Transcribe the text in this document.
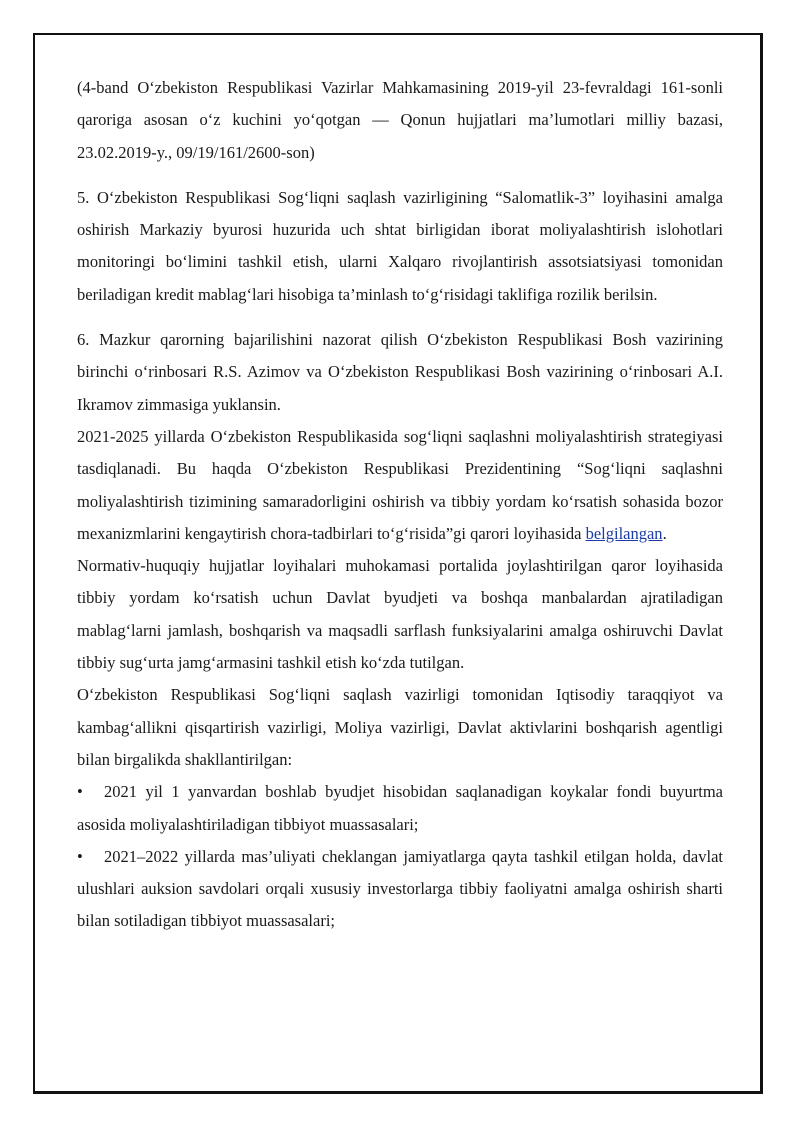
(4-band O‘zbekiston Respublikasi Vazirlar Mahkamasining 2019-yil 23-fevraldagi 161-sonli qaroriga asosan o‘z kuchini yo‘qotgan — Qonun hujjatlari ma’lumotlari milliy bazasi, 23.02.2019-y., 09/19/161/2600-son)

5. O‘zbekiston Respublikasi Sog‘liqni saqlash vazirligining “Salomatlik-3” loyihasini amalga oshirish Markaziy byurosi huzurida uch shtat birligidan iborat moliyalashtirish islohotlari monitoringi bo‘limini tashkil etish, ularni Xalqaro rivojlantirish assotsiatsiyasi tomonidan beriladigan kredit mablag‘lari hisobiga ta’minlash to‘g‘risidagi taklifiga rozilik berilsin.

6. Mazkur qarorning bajarilishini nazorat qilish O‘zbekiston Respublikasi Bosh vazirining birinchi o‘rinbosari R.S. Azimov va O‘zbekiston Respublikasi Bosh vazirining o‘rinbosari A.I. Ikramov zimmasiga yuklansin.

2021-2025 yillarda O‘zbekiston Respublikasida sog‘liqni saqlashni moliyalashtirish strategiyasi tasdiqlanadi. Bu haqda O‘zbekiston Respublikasi Prezidentining “Sog‘liqni saqlashni moliyalashtirish tizimining samaradorligini oshirish va tibbiy yordam ko‘rsatish sohasida bozor mexanizmlarini kengaytirish chora-tadbirlari to‘g‘risida”gi qarori loyihasida belgilangan.

Normativ-huquqiy hujjatlar loyihalari muhokamasi portalida joylashtirilgan qaror loyihasida tibbiy yordam ko‘rsatish uchun Davlat byudjeti va boshqa manbalardan ajratiladigan mablag‘larni jamlash, boshqarish va maqsadli sarflash funksiyalarini amalga oshiruvchi Davlat tibbiy sug‘urta jamg‘armasini tashkil etish ko‘zda tutilgan.

O‘zbekiston Respublikasi Sog‘liqni saqlash vazirligi tomonidan Iqtisodiy taraqqiyot va kambag‘allikni qisqartirish vazirligi, Moliya vazirligi, Davlat aktivlarini boshqarish agentligi bilan birgalikda shakllantirilgan:

• 2021 yil 1 yanvardan boshlab byudjet hisobidan saqlanadigan koykalar fondi buyurtma asosida moliyalashtiriladigan tibbiyot muassasalari;

• 2021–2022 yillarda mas’uliyati cheklangan jamiyatlarga qayta tashkil etilgan holda, davlat ulushlari auksion savdolari orqali xususiy investorlarga tibbiy faoliyatni amalga oshirish sharti bilan sotiladigan tibbiyot muassasalari;
